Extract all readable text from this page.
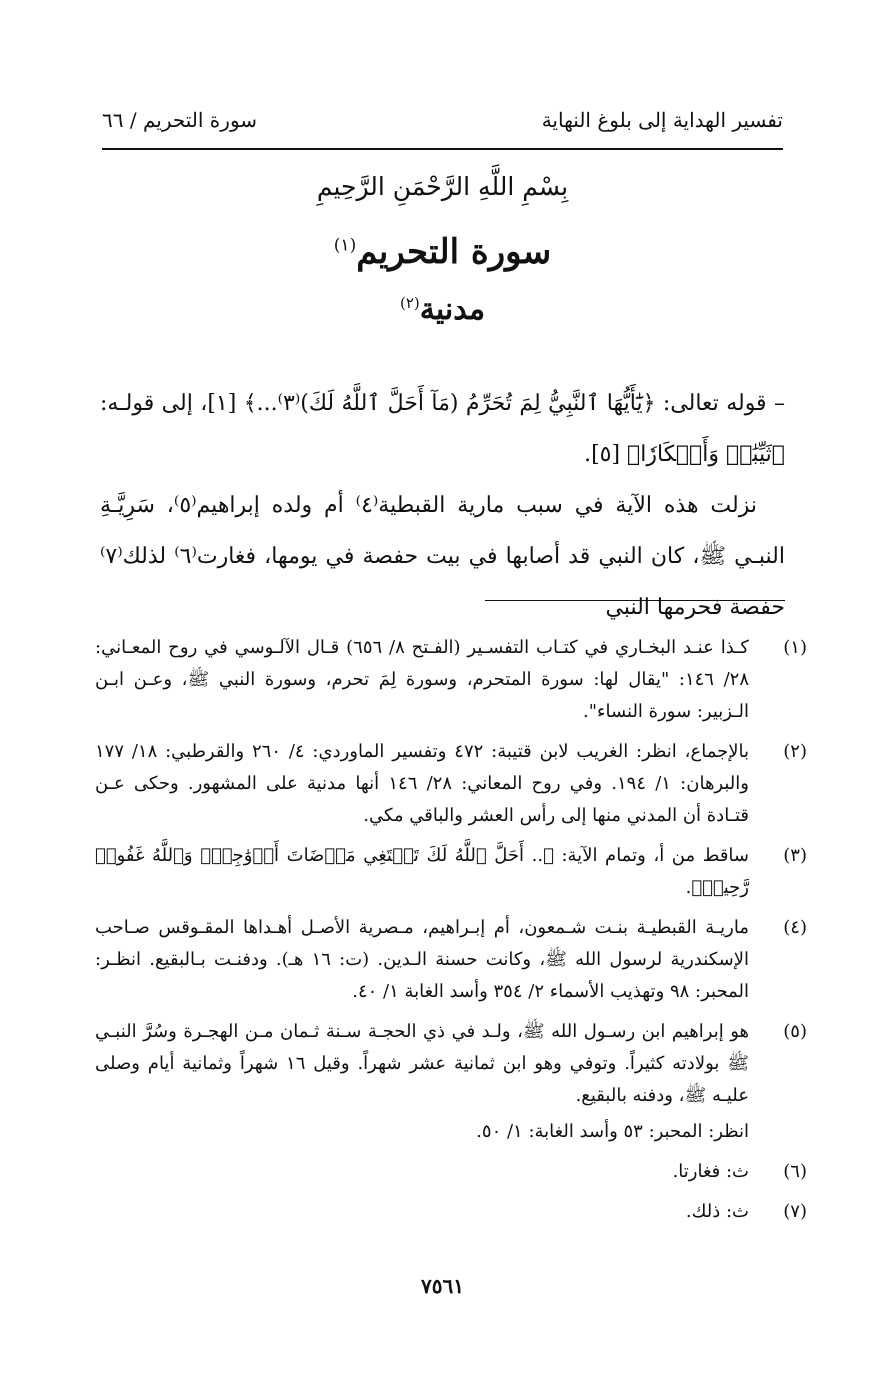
تفسير الهداية إلى بلوغ النهاية
سورة التحريم / ٦٦
بِسْمِ اللَّهِ الرَّحْمَنِ الرَّحِيمِ
سورة التحريم$^{(١)}$
مدنية$^{(٢)}$

– قوله تعالى: ﴿يَٰٓأَيُّهَا ٱلنَّبِيُّ لِمَ تُحَرِّمُ (مَآ أَحَلَّ ٱللَّهُ لَكَ)⁽٣⁾...﴾ [١]، إلى قولـه: ﴿ثَيِّبَٰتٖ وَأَبۡكَارٗا﴾ [٥].

نزلت هذه الآية في سبب مارية القبطية⁽٤⁾ أم ولده إبراهيم⁽٥⁾، سَرِيَّـةِ النبـي ﷺ، كان النبي قد أصابها في بيت حفصة في يومها، فغارت⁽٦⁾ لذلك⁽٧⁾ حفصة فحرمها النبي

(١)
كـذا عنـد البخـاري في كتـاب التفسـير (الفـتح ٨/ ٦٥٦) قـال الآلـوسي في روح المعـاني: ٢٨/ ١٤٦: "يقال لها: سورة المتحرم، وسورة لِمَ تحرم، وسورة النبي ﷺ، وعـن ابـن الـزبير: سورة النساء".
(٢)
بالإجماع، انظر: الغريب لابن قتيبة: ٤٧٢ وتفسير الماوردي: ٤/ ٢٦٠ والقرطبي: ١٨/ ١٧٧ والبرهان: ١/ ١٩٤. وفي روح المعاني: ٢٨/ ١٤٦ أنها مدنية على المشهور. وحكى عـن قتـادة أن المدني منها إلى رأس العشر والباقي مكي.
(٣)
ساقط من أ، وتمام الآية: ﴿.. أَحَلَّ ٱللَّهُ لَكَ تَبۡتَغِي مَرۡضَاتَ أَزۡوَٰجِكَۚ وَٱللَّهُ غَفُورٞ رَّحِيمٞ﴾.
(٤)
ماريـة القبطيـة بنـت شـمعون، أم إبـراهيم، مـصرية الأصـل أهـداها المقـوقس صـاحب الإسكندرية لرسول الله ﷺ، وكانت حسنة الـدين. (ت: ١٦ هـ). ودفنـت بـالبقيع. انظـر: المحبر: ٩٨ وتهذيب الأسماء ٢/ ٣٥٤ وأسد الغابة ١/ ٤٠.
(٥)
هو إبراهيم ابن رسـول الله ﷺ، ولـد في ذي الحجـة سـنة ثـمان مـن الهجـرة وسُرَّ النبـي ﷺ بولادته كثيراً. وتوفي وهو ابن ثمانية عشر شهراً. وقيل ١٦ شهراً وثمانية أيام وصلى عليـه ﷺ، ودفنه بالبقيع.
انظر: المحبر: ٥٣ وأسد الغابة: ١/ ٥٠.
(٦)
ث: فغارتا.
(٧)
ث: ذلك.
٧٥٦١
